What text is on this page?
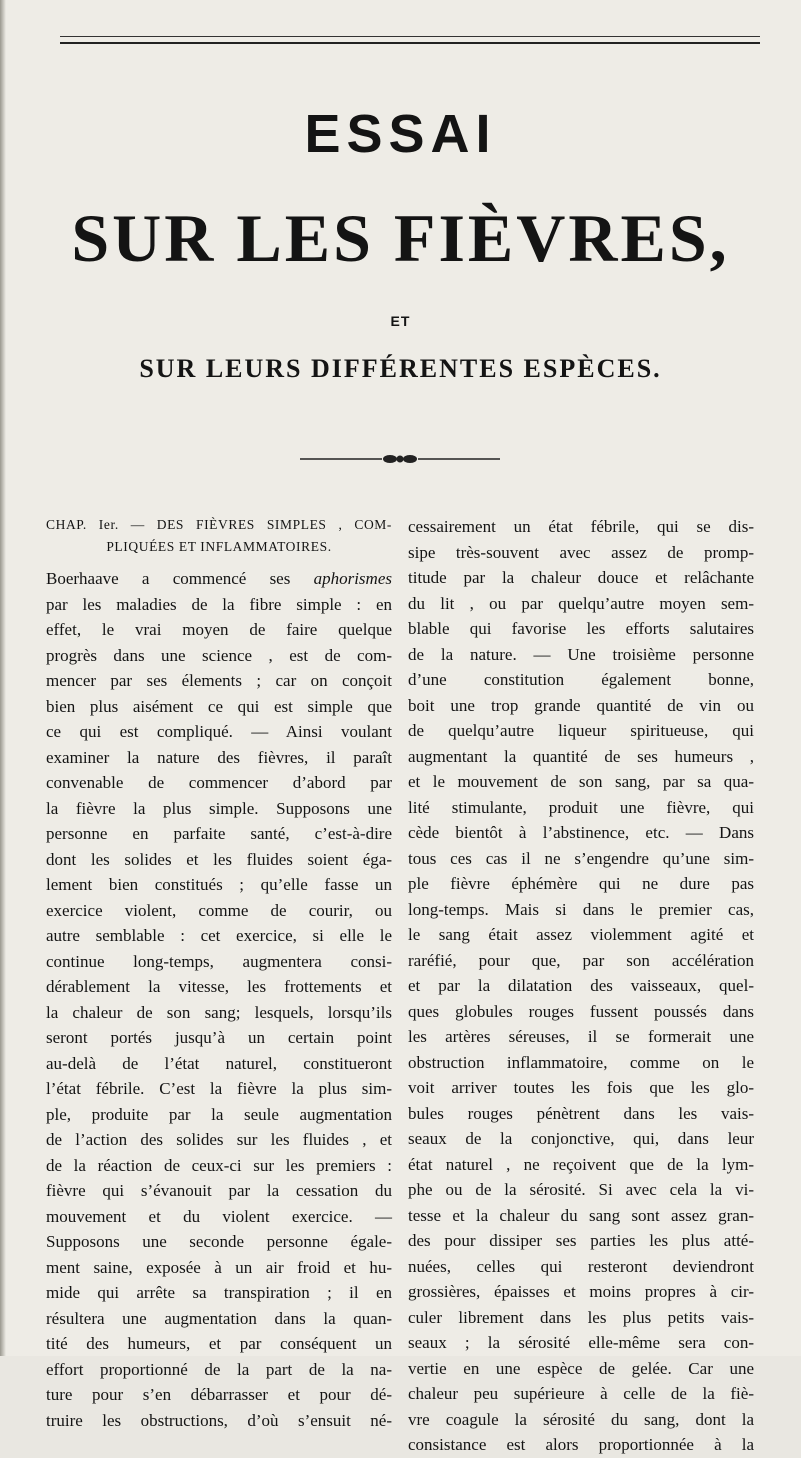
ESSAI
SUR LES FIÈVRES,
ET
SUR LEURS DIFFÉRENTES ESPÈCES.
CHAP. Ier. — DES FIÈVRES SIMPLES , COM-
PLIQUÉES ET INFLAMMATOIRES.
Boerhaave a commencé ses aphorismes
par les maladies de la fibre simple : en
effet, le vrai moyen de faire quelque
progrès dans une science , est de com-
mencer par ses élements ; car on conçoit
bien plus aisément ce qui est simple que
ce qui est compliqué. — Ainsi voulant
examiner la nature des fièvres, il paraît
convenable de commencer d’abord par
la fièvre la plus simple. Supposons une
personne en parfaite santé, c’est-à-dire
dont les solides et les fluides soient éga-
lement bien constitués ; qu’elle fasse un
exercice violent, comme de courir, ou
autre semblable : cet exercice, si elle le
continue long-temps, augmentera consi-
dérablement la vitesse, les frottements et
la chaleur de son sang; lesquels, lorsqu’ils
seront portés jusqu’à un certain point
au-delà de l’état naturel, constitueront
l’état fébrile. C’est la fièvre la plus sim-
ple, produite par la seule augmentation
de l’action des solides sur les fluides , et
de la réaction de ceux-ci sur les premiers :
fièvre qui s’évanouit par la cessation du
mouvement et du violent exercice. —
Supposons une seconde personne égale-
ment saine, exposée à un air froid et hu-
mide qui arrête sa transpiration ; il en
résultera une augmentation dans la quan-
tité des humeurs, et par conséquent un
effort proportionné de la part de la na-
ture pour s’en débarrasser et pour dé-
truire les obstructions, d’où s’ensuit né-
cessairement un état fébrile, qui se dis-
sipe très-souvent avec assez de promp-
titude par la chaleur douce et relâchante
du lit , ou par quelqu’autre moyen sem-
blable qui favorise les efforts salutaires
de la nature. — Une troisième personne
d’une constitution également bonne,
boit une trop grande quantité de vin ou
de quelqu’autre liqueur spiritueuse, qui
augmentant la quantité de ses humeurs ,
et le mouvement de son sang, par sa qua-
lité stimulante, produit une fièvre, qui
cède bientôt à l’abstinence, etc. — Dans
tous ces cas il ne s’engendre qu’une sim-
ple fièvre éphémère qui ne dure pas
long-temps. Mais si dans le premier cas,
le sang était assez violemment agité et
raréfié, pour que, par son accélération
et par la dilatation des vaisseaux, quel-
ques globules rouges fussent poussés dans
les artères séreuses, il se formerait une
obstruction inflammatoire, comme on le
voit arriver toutes les fois que les glo-
bules rouges pénètrent dans les vais-
seaux de la conjonctive, qui, dans leur
état naturel , ne reçoivent que de la lym-
phe ou de la sérosité. Si avec cela la vi-
tesse et la chaleur du sang sont assez gran-
des pour dissiper ses parties les plus atté-
nuées, celles qui resteront deviendront
grossières, épaisses et moins propres à cir-
culer librement dans les plus petits vais-
seaux ; la sérosité elle-même sera con-
vertie en une espèce de gelée. Car une
chaleur peu supérieure à celle de la fiè-
vre coagule la sérosité du sang, dont la
consistance est alors proportionnée à la
